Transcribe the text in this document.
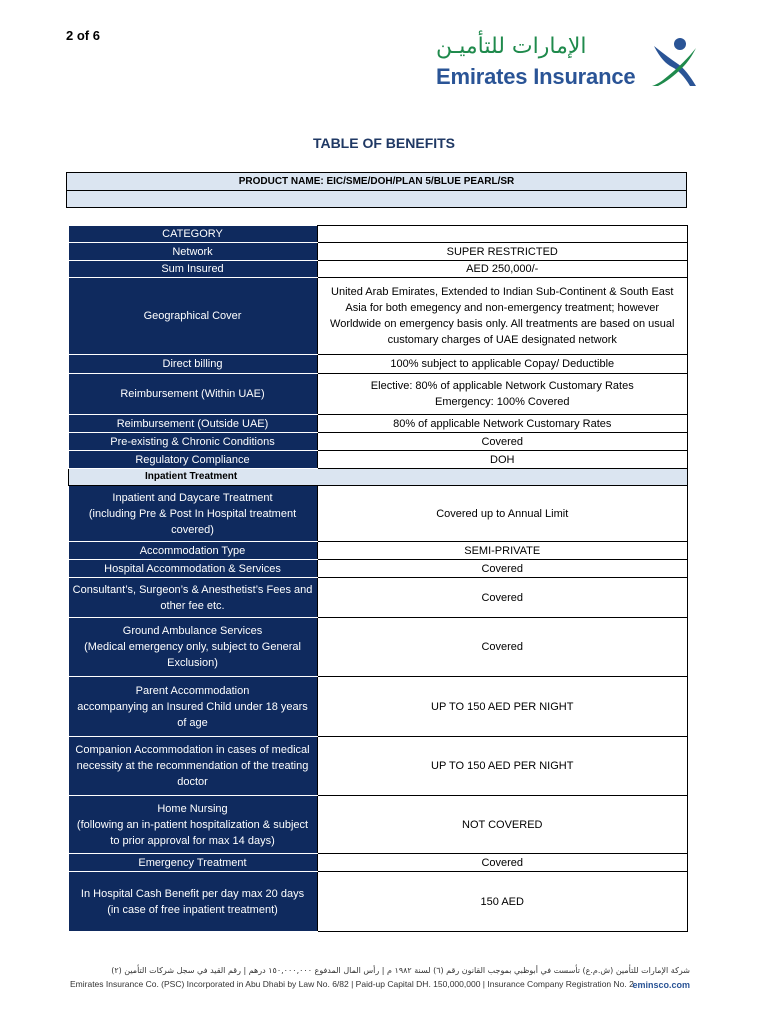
2 of 6	الإمارات للتأميـن
Emirates Insurance
TABLE OF BENEFITS
PRODUCT NAME: EIC/SME/DOH/PLAN 5/BLUE PEARL/SR

CATEGORY	
Network	SUPER RESTRICTED
Sum Insured	AED 250,000/-
Geographical Cover	United Arab Emirates, Extended to Indian Sub-Continent & South East Asia for both emegency and non-emergency treatment; however Worldwide on emergency basis only. All treatments are based on usual customary charges of UAE designated network
Direct billing	100% subject to applicable Copay/ Deductible
Reimbursement (Within UAE)	Elective: 80% of applicable Network Customary Rates
Emergency: 100% Covered
Reimbursement (Outside UAE)	80% of applicable Network Customary Rates
Pre-existing & Chronic Conditions	Covered
Regulatory Compliance	DOH
Inpatient Treatment	
Inpatient and Daycare Treatment
(including Pre & Post In Hospital treatment covered)	Covered up to Annual Limit
Accommodation Type	SEMI-PRIVATE
Hospital Accommodation & Services	Covered
Consultant’s, Surgeon’s & Anesthetist’s Fees and other fee etc.	Covered
Ground Ambulance Services
(Medical emergency only, subject to General Exclusion)	Covered
Parent Accommodation
accompanying an Insured Child under 18 years of age	UP TO 150 AED PER NIGHT
Companion Accommodation in cases of medical necessity at the recommendation of the treating doctor	UP TO 150 AED PER NIGHT
Home Nursing
(following an in-patient hospitalization & subject to prior approval for max 14 days)	NOT COVERED
Emergency Treatment	Covered
In Hospital Cash Benefit per day max 20 days
(in case of free inpatient treatment)	150 AED
شركة الإمارات للتأمين (ش.م.ع) تأسست في أبوظبي بموجب القانون رقم (٦) لسنة ١٩٨٢ م | رأس المال المدفوع ١٥٠,٠٠٠,٠٠٠ درهم | رقم القيد في سجل شركات التأمين (٢)
Emirates Insurance Co. (PSC) Incorporated in Abu Dhabi by Law No. 6/82 | Paid-up Capital DH. 150,000,000 | Insurance Company Registration No. 2
eminsco.com
